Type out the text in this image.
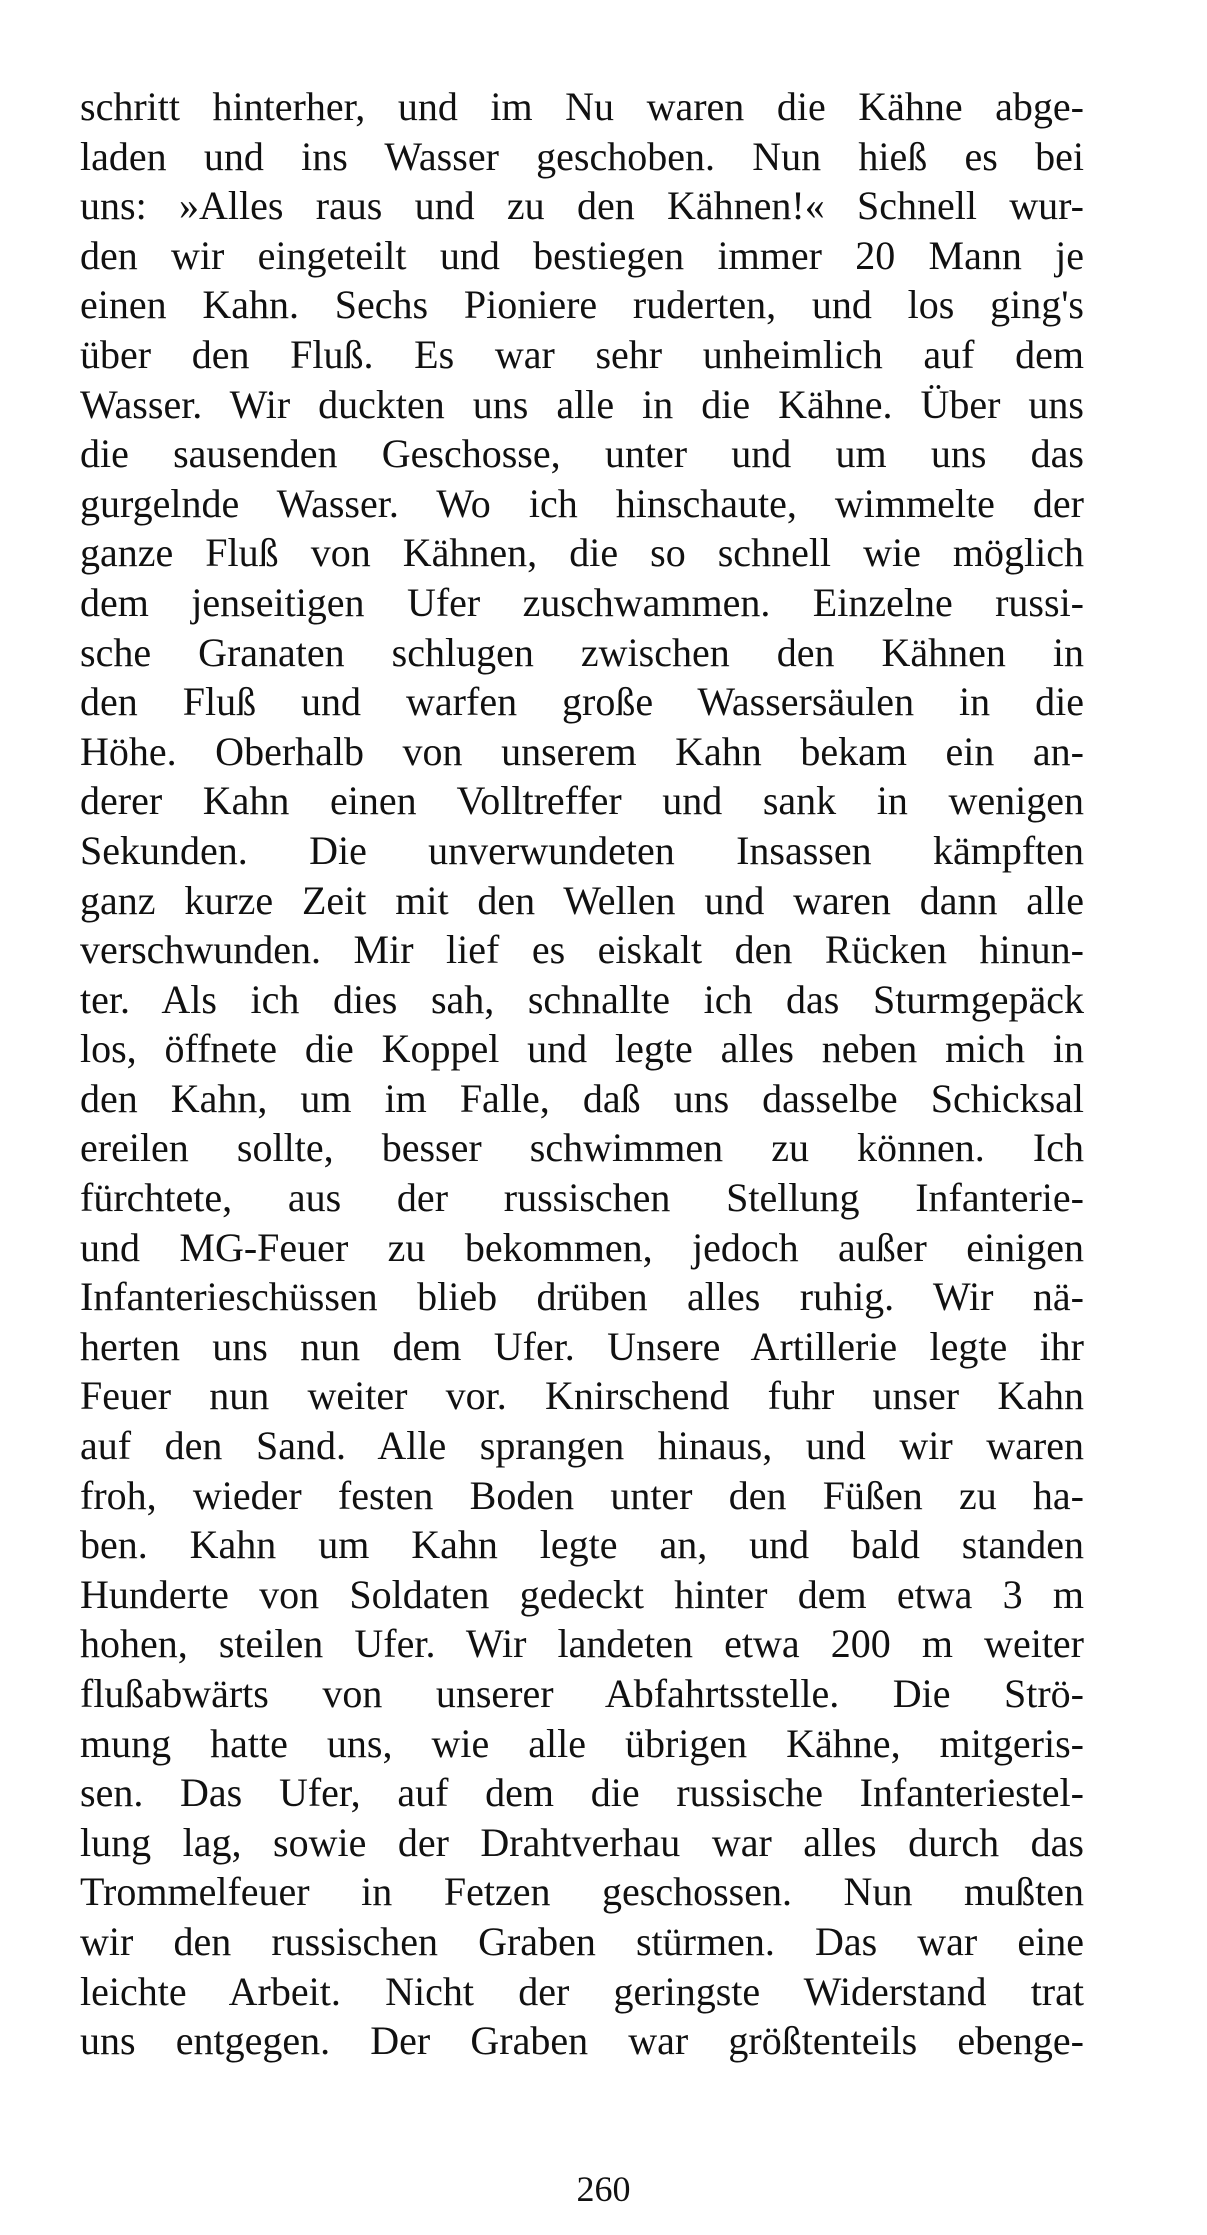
schritt hinterher, und im Nu waren die Kähne abge-
laden und ins Wasser geschoben. Nun hieß es bei
uns: »Alles raus und zu den Kähnen!« Schnell wur-
den wir eingeteilt und bestiegen immer 20 Mann je
einen Kahn. Sechs Pioniere ruderten, und los ging's
über den Fluß. Es war sehr unheimlich auf dem
Wasser. Wir duckten uns alle in die Kähne. Über uns
die sausenden Geschosse, unter und um uns das
gurgelnde Wasser. Wo ich hinschaute, wimmelte der
ganze Fluß von Kähnen, die so schnell wie möglich
dem jenseitigen Ufer zuschwammen. Einzelne russi-
sche Granaten schlugen zwischen den Kähnen in
den Fluß und warfen große Wassersäulen in die
Höhe. Oberhalb von unserem Kahn bekam ein an-
derer Kahn einen Volltreffer und sank in wenigen
Sekunden. Die unverwundeten Insassen kämpften
ganz kurze Zeit mit den Wellen und waren dann alle
verschwunden. Mir lief es eiskalt den Rücken hinun-
ter. Als ich dies sah, schnallte ich das Sturmgepäck
los, öffnete die Koppel und legte alles neben mich in
den Kahn, um im Falle, daß uns dasselbe Schicksal
ereilen sollte, besser schwimmen zu können. Ich
fürchtete, aus der russischen Stellung Infanterie-
und MG-Feuer zu bekommen, jedoch außer einigen
Infanterieschüssen blieb drüben alles ruhig. Wir nä-
herten uns nun dem Ufer. Unsere Artillerie legte ihr
Feuer nun weiter vor. Knirschend fuhr unser Kahn
auf den Sand. Alle sprangen hinaus, und wir waren
froh, wieder festen Boden unter den Füßen zu ha-
ben. Kahn um Kahn legte an, und bald standen
Hunderte von Soldaten gedeckt hinter dem etwa 3 m
hohen, steilen Ufer. Wir landeten etwa 200 m weiter
flußabwärts von unserer Abfahrtsstelle. Die Strö-
mung hatte uns, wie alle übrigen Kähne, mitgeris-
sen. Das Ufer, auf dem die russische Infanteriestel-
lung lag, sowie der Drahtverhau war alles durch das
Trommelfeuer in Fetzen geschossen. Nun mußten
wir den russischen Graben stürmen. Das war eine
leichte Arbeit. Nicht der geringste Widerstand trat
uns entgegen. Der Graben war größtenteils ebenge-
260
